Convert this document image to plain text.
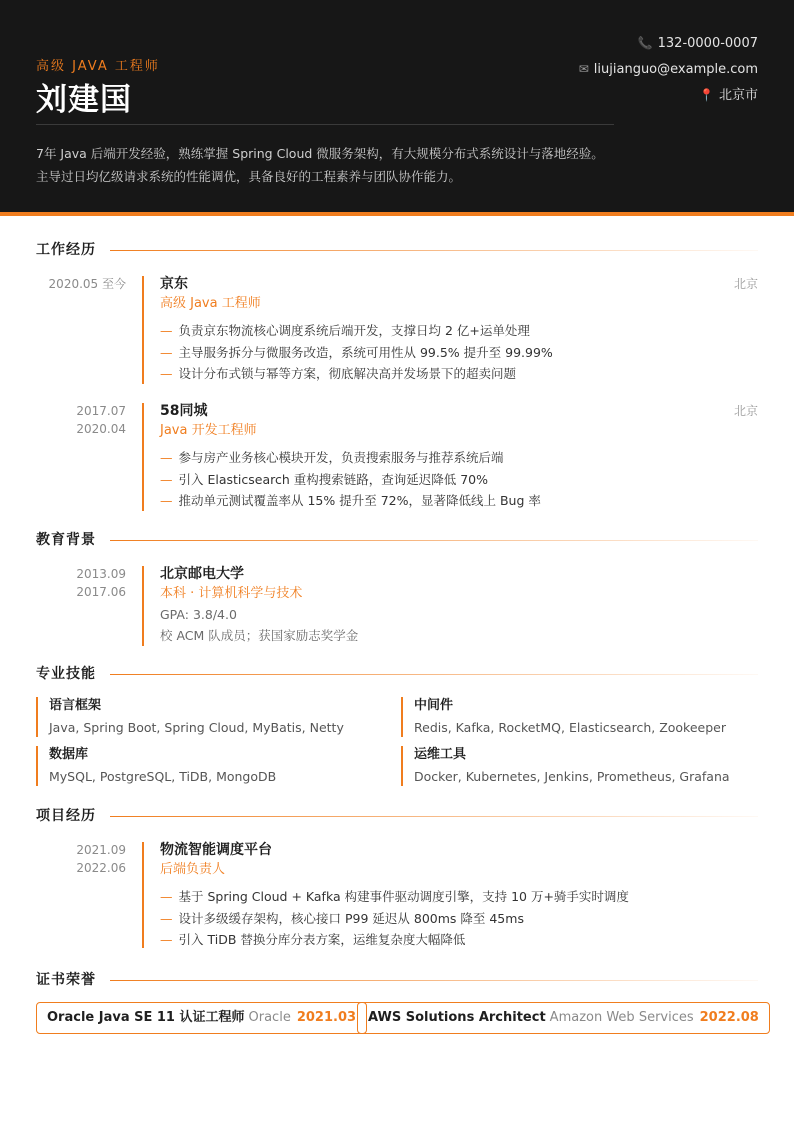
高级 JAVA 工程师
刘建国
7年 Java 后端开发经验，熟练掌握 Spring Cloud 微服务架构，有大规模分布式系统设计与落地经验。主导过日均亿级请求系统的性能调优，具备良好的工程素养与团队协作能力。
📞 132-0000-0007
✉ liujianguo@example.com
📍 北京市
工作经历
2020.05 至今 京东
高级 Java 工程师
北京
— 负责京东物流核心调度系统后端开发，支撑日均 2 亿+运单处理
— 主导服务拆分与微服务改造，系统可用性从 99.5% 提升至 99.99%
— 设计分布式锁与幂等方案，彻底解决高并发场景下的超卖问题
2017.07
2020.04
58同城
Java 开发工程师
北京
— 参与房产业务核心模块开发，负责搜索服务与推荐系统后端
— 引入 Elasticsearch 重构搜索链路，查询延迟降低 70%
— 推动单元测试覆盖率从 15% 提升至 72%，显著降低线上 Bug 率
教育背景
2013.09
2017.06
北京邮电大学
本科 · 计算机科学与技术
GPA: 3.8/4.0
校 ACM 队成员；获国家励志奖学金
专业技能
语言框架
Java, Spring Boot, Spring Cloud, MyBatis, Netty
中间件
Redis, Kafka, RocketMQ, Elasticsearch, Zookeeper
数据库
MySQL, PostgreSQL, TiDB, MongoDB
运维工具
Docker, Kubernetes, Jenkins, Prometheus, Grafana
项目经历
2021.09
2022.06
物流智能调度平台
后端负责人
— 基于 Spring Cloud + Kafka 构建事件驱动调度引擎，支持 10 万+骑手实时调度
— 设计多级缓存架构，核心接口 P99 延迟从 800ms 降至 45ms
— 引入 TiDB 替换分库分表方案，运维复杂度大幅降低
证书荣誉
Oracle Java SE 11 认证工程师 Oracle 2021.03 AWS Solutions Architect Amazon Web Services 2022.08
